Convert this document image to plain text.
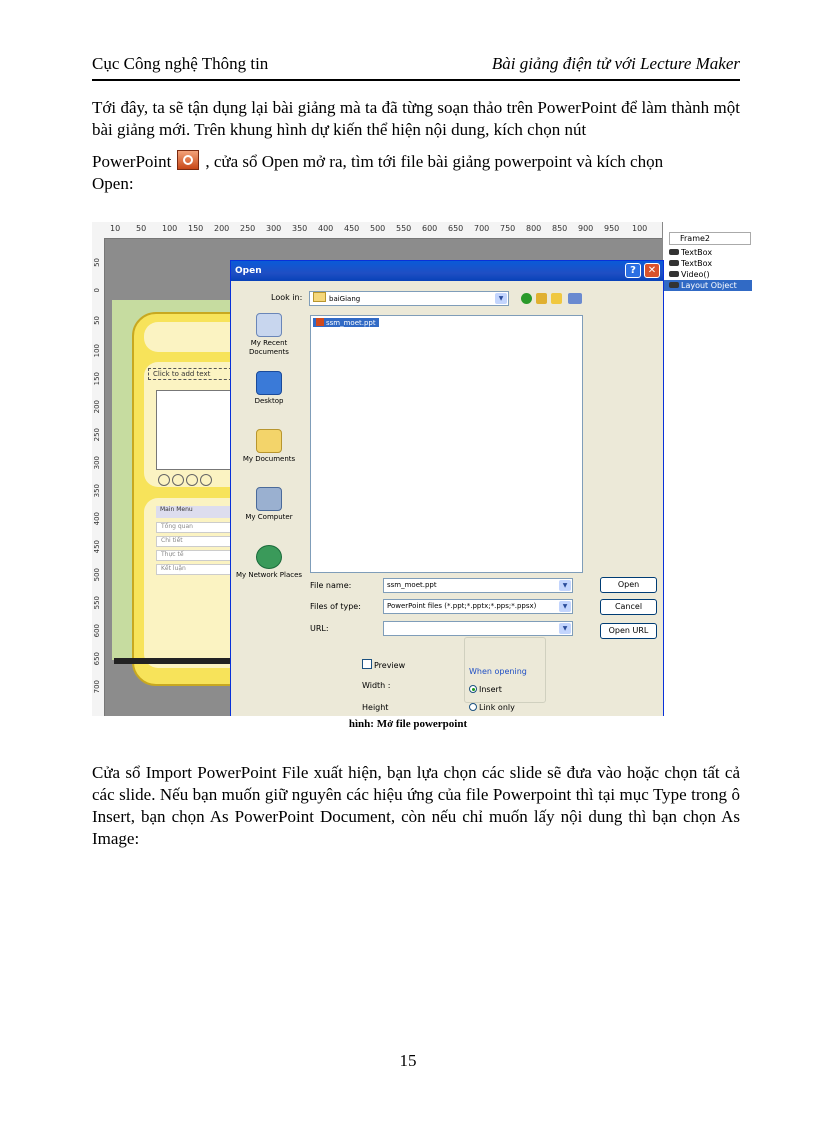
Cục Công nghệ Thông tin	Bài giảng điện tử với Lecture Maker
Tới đây, ta sẽ tận dụng lại bài giảng mà ta đã từng soạn thảo trên PowerPoint để làm thành một bài giảng mới. Trên khung hình dự kiến thể hiện nội dung, kích chọn nút
PowerPoint , cửa sổ Open mở ra, tìm tới file bài giảng powerpoint và kích chọn
Open:
10 50 100 150 200 250 300 350 400 450 500 550 600 650 700 750 800 850 900 950 100
50
0
50
100
150
200
250
300
350
400
450
500
550
600
650
700
Click to add text
Main Menu
Tổng quan
Chi tiết
Thực tế
Kết luận
Frame2
TextBox
TextBox
Video()
Layout Object
Open	?	✕
Look in:	baiGiang	▼
My Recent Documents
Desktop
My Documents
My Computer
My Network Places
ssm_moet.ppt
File name:	ssm_moet.ppt	▼
Files of type:	PowerPoint files (*.ppt;*.pptx;*.pps;*.ppsx)	▼
URL:	▼
Open
Cancel
Open URL
Preview
Width :
Height
When opening
Insert
Link only
hình: Mở file powerpoint
Cửa sổ Import PowerPoint File xuất hiện, bạn lựa chọn các slide sẽ đưa vào hoặc chọn tất cả các slide. Nếu bạn muốn giữ nguyên các hiệu ứng của file Powerpoint thì tại mục Type trong ô Insert, bạn chọn As PowerPoint Document, còn nếu chỉ muốn lấy nội dung thì bạn chọn As Image:
15
